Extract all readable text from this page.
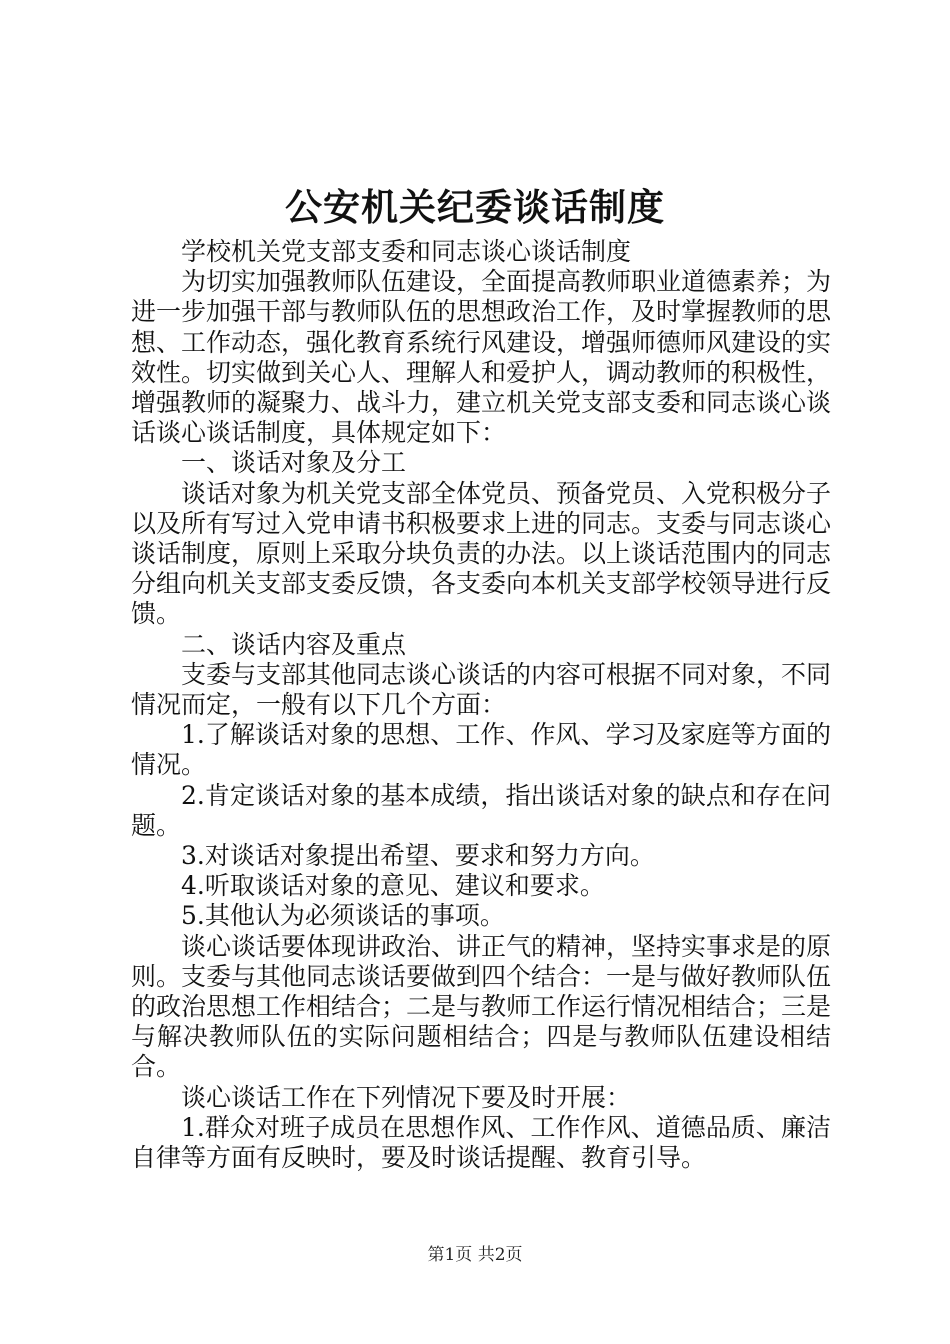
公安机关纪委谈话制度

学校机关党支部支委和同志谈心谈话制度

为切实加强教师队伍建设，全面提高教师职业道德素养；为进一步加强干部与教师队伍的思想政治工作，及时掌握教师的思想、工作动态，强化教育系统行风建设，增强师德师风建设的实效性。切实做到关心人、理解人和爱护人，调动教师的积极性，增强教师的凝聚力、战斗力，建立机关党支部支委和同志谈心谈话谈心谈话制度，具体规定如下：

一、谈话对象及分工

谈话对象为机关党支部全体党员、预备党员、入党积极分子以及所有写过入党申请书积极要求上进的同志。支委与同志谈心谈话制度，原则上采取分块负责的办法。以上谈话范围内的同志分组向机关支部支委反馈，各支委向本机关支部学校领导进行反馈。

二、谈话内容及重点

支委与支部其他同志谈心谈话的内容可根据不同对象，不同情况而定，一般有以下几个方面：

1.了解谈话对象的思想、工作、作风、学习及家庭等方面的情况。

2.肯定谈话对象的基本成绩，指出谈话对象的缺点和存在问题。

3.对谈话对象提出希望、要求和努力方向。

4.听取谈话对象的意见、建议和要求。

5.其他认为必须谈话的事项。

谈心谈话要体现讲政治、讲正气的精神，坚持实事求是的原则。支委与其他同志谈话要做到四个结合：一是与做好教师队伍的政治思想工作相结合；二是与教师工作运行情况相结合；三是与解决教师队伍的实际问题相结合；四是与教师队伍建设相结合。

谈心谈话工作在下列情况下要及时开展：

1.群众对班子成员在思想作风、工作作风、道德品质、廉洁自律等方面有反映时，要及时谈话提醒、教育引导。

第1页 共2页
